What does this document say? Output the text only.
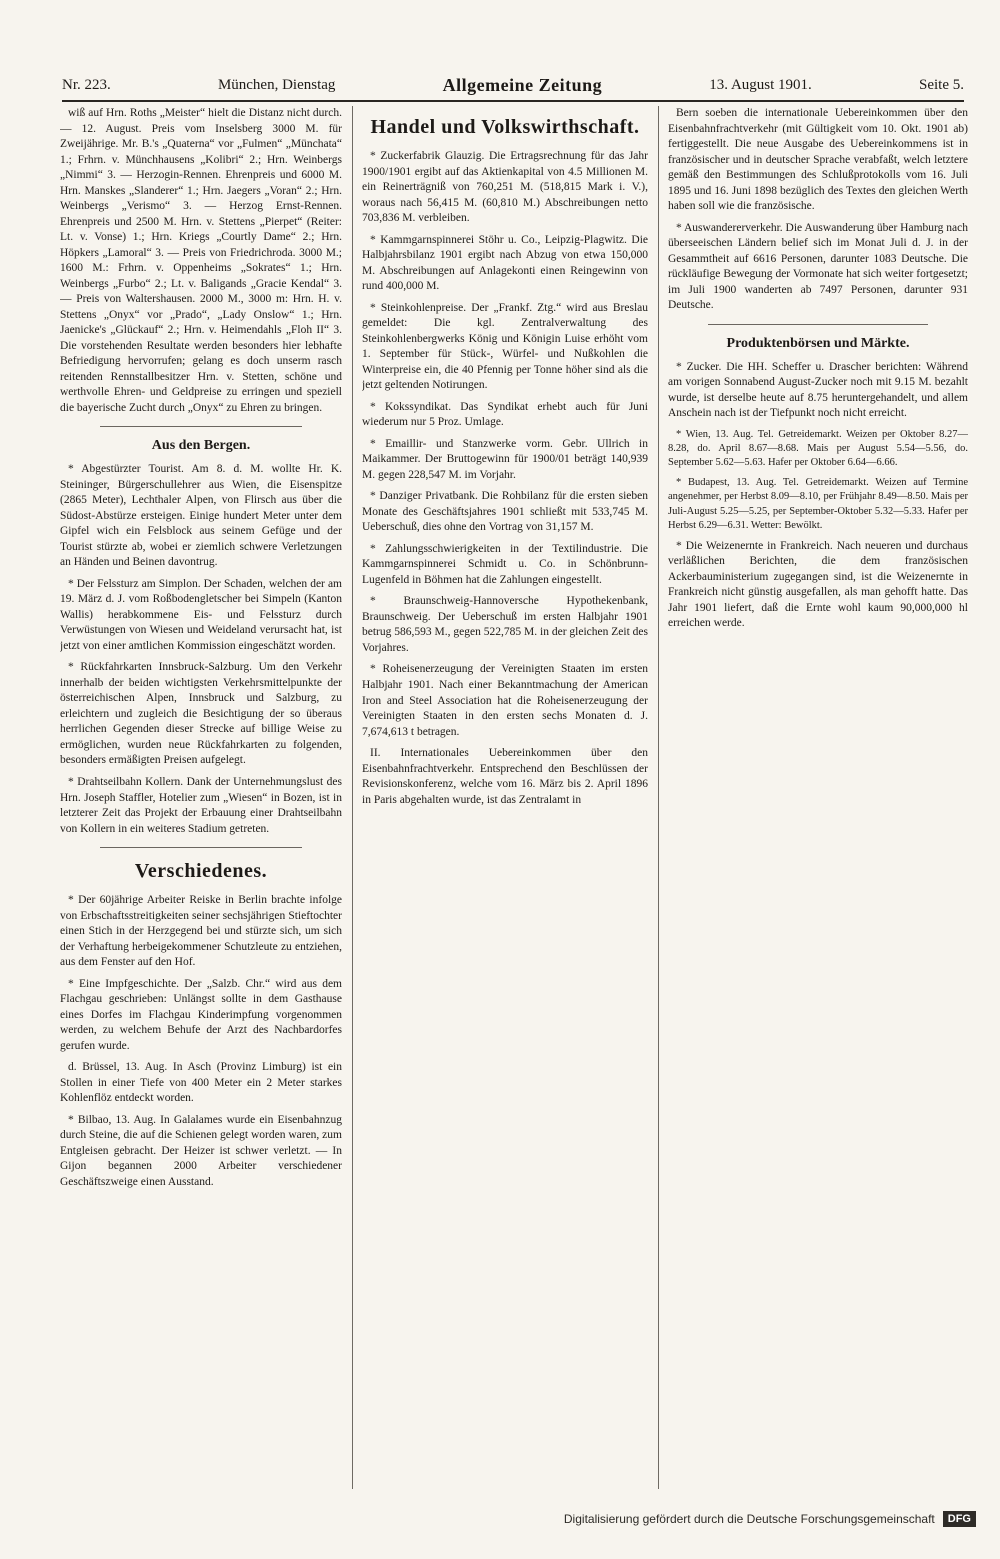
Nr. 223.	München, Dienstag	Allgemeine Zeitung	13. August 1901.	Seite 5.

wiß auf Hrn. Roths „Meister“ hielt die Distanz nicht durch. — 12. August. Preis vom Inselsberg 3000 M. für Zweijährige. Mr. B.'s „Quaterna“ vor „Fulmen“ „Münchata“ 1.; Frhrn. v. Münchhausens „Kolibri“ 2.; Hrn. Weinbergs „Nimmi“ 3. — Herzogin-Rennen. Ehrenpreis und 6000 M. Hrn. Manskes „Slanderer“ 1.; Hrn. Jaegers „Voran“ 2.; Hrn. Weinbergs „Verismo“ 3. — Herzog Ernst-Rennen. Ehrenpreis und 2500 M. Hrn. v. Stettens „Pierpet“ (Reiter: Lt. v. Vonse) 1.; Hrn. Kriegs „Courtly Dame“ 2.; Hrn. Höpkers „Lamoral“ 3. — Preis von Friedrichroda. 3000 M.; 1600 M.: Frhrn. v. Oppenheims „Sokrates“ 1.; Hrn. Weinbergs „Furbo“ 2.; Lt. v. Baligands „Gracie Kendal“ 3. — Preis von Waltershausen. 2000 M., 3000 m: Hrn. H. v. Stettens „Onyx“ vor „Prado“, „Lady Onslow“ 1.; Hrn. Jaenicke's „Glückauf“ 2.; Hrn. v. Heimendahls „Floh II“ 3. Die vorstehenden Resultate werden besonders hier lebhafte Befriedigung hervorrufen; gelang es doch unserm rasch reitenden Rennstallbesitzer Hrn. v. Stetten, schöne und werthvolle Ehren- und Geldpreise zu erringen und speziell die bayerische Zucht durch „Onyx“ zu Ehren zu bringen.

Aus den Bergen.

* Abgestürzter Tourist. Am 8. d. M. wollte Hr. K. Steininger, Bürgerschullehrer aus Wien, die Eisenspitze (2865 Meter), Lechthaler Alpen, von Flirsch aus über die Südost-Abstürze ersteigen. Einige hundert Meter unter dem Gipfel wich ein Felsblock aus seinem Gefüge und der Tourist stürzte ab, wobei er ziemlich schwere Verletzungen an Händen und Beinen davontrug.

* Der Felssturz am Simplon. Der Schaden, welchen der am 19. März d. J. vom Roßbodengletscher bei Simpeln (Kanton Wallis) herabkommene Eis- und Felssturz durch Verwüstungen von Wiesen und Weideland verursacht hat, ist jetzt von einer amtlichen Kommission eingeschätzt worden.

* Rückfahrkarten Innsbruck-Salzburg. Um den Verkehr innerhalb der beiden wichtigsten Verkehrsmittelpunkte der österreichischen Alpen, Innsbruck und Salzburg, zu erleichtern und zugleich die Besichtigung der so überaus herrlichen Gegenden dieser Strecke auf billige Weise zu ermöglichen, wurden neue Rückfahrkarten zu folgenden, besonders ermäßigten Preisen aufgelegt.

* Drahtseilbahn Kollern. Dank der Unternehmungslust des Hrn. Joseph Staffler, Hotelier zum „Wiesen“ in Bozen, ist in letzterer Zeit das Projekt der Erbauung einer Drahtseilbahn von Kollern in ein weiteres Stadium getreten.

Verschiedenes.

* Der 60jährige Arbeiter Reiske in Berlin brachte infolge von Erbschaftsstreitigkeiten seiner sechsjährigen Stieftochter einen Stich in der Herzgegend bei und stürzte sich, um sich der Verhaftung herbeigekommener Schutzleute zu entziehen, aus dem Fenster auf den Hof.

* Eine Impfgeschichte. Der „Salzb. Chr.“ wird aus dem Flachgau geschrieben: Unlängst sollte in dem Gasthause eines Dorfes im Flachgau Kinderimpfung vorgenommen werden, zu welchem Behufe der Arzt des Nachbardorfes gerufen wurde.

d. Brüssel, 13. Aug. In Asch (Provinz Limburg) ist ein Stollen in einer Tiefe von 400 Meter ein 2 Meter starkes Kohlenflöz entdeckt worden.

* Bilbao, 13. Aug. In Galalames wurde ein Eisenbahnzug durch Steine, die auf die Schienen gelegt worden waren, zum Entgleisen gebracht. Der Heizer ist schwer verletzt. — In Gijon begannen 2000 Arbeiter verschiedener Geschäftszweige einen Ausstand.

Handel und Volkswirthschaft.

* Zuckerfabrik Glauzig. Die Ertragsrechnung für das Jahr 1900/1901 ergibt auf das Aktienkapital von 4.5 Millionen M. ein Reinerträgniß von 760,251 M. (518,815 Mark i. V.), woraus nach 56,415 M. (60,810 M.) Abschreibungen netto 703,836 M. verbleiben.

* Kammgarnspinnerei Stöhr u. Co., Leipzig-Plagwitz. Die Halbjahrsbilanz 1901 ergibt nach Abzug von etwa 150,000 M. Abschreibungen auf Anlagekonti einen Reingewinn von rund 400,000 M.

* Steinkohlenpreise. Der „Frankf. Ztg.“ wird aus Breslau gemeldet: Die kgl. Zentralverwaltung des Steinkohlenbergwerks König und Königin Luise erhöht vom 1. September für Stück-, Würfel- und Nußkohlen die Winterpreise ein, die 40 Pfennig per Tonne höher sind als die jetzt geltenden Notirungen.

* Kokssyndikat. Das Syndikat erhebt auch für Juni wiederum nur 5 Proz. Umlage.

* Emaillir- und Stanzwerke vorm. Gebr. Ullrich in Maikammer. Der Bruttogewinn für 1900/01 beträgt 140,939 M. gegen 228,547 M. im Vorjahr.

* Danziger Privatbank. Die Rohbilanz für die ersten sieben Monate des Geschäftsjahres 1901 schließt mit 533,745 M. Ueberschuß, dies ohne den Vortrag von 31,157 M.

* Zahlungsschwierigkeiten in der Textilindustrie. Die Kammgarnspinnerei Schmidt u. Co. in Schönbrunn-Lugenfeld in Böhmen hat die Zahlungen eingestellt.

* Braunschweig-Hannoversche Hypothekenbank, Braunschweig. Der Ueberschuß im ersten Halbjahr 1901 betrug 586,593 M., gegen 522,785 M. in der gleichen Zeit des Vorjahres.

* Roheisenerzeugung der Vereinigten Staaten im ersten Halbjahr 1901. Nach einer Bekanntmachung der American Iron and Steel Association hat die Roheisenerzeugung der Vereinigten Staaten in den ersten sechs Monaten d. J. 7,674,613 t betragen.

II. Internationales Uebereinkommen über den Eisenbahnfrachtverkehr. Entsprechend den Beschlüssen der Revisionskonferenz, welche vom 16. März bis 2. April 1896 in Paris abgehalten wurde, ist das Zentralamt in

Bern soeben die internationale Uebereinkommen über den Eisenbahnfrachtverkehr (mit Gültigkeit vom 10. Okt. 1901 ab) fertiggestellt. Die neue Ausgabe des Uebereinkommens ist in französischer und in deutscher Sprache verabfaßt, welch letztere gemäß den Bestimmungen des Schlußprotokolls vom 16. Juli 1895 und 16. Juni 1898 bezüglich des Textes den gleichen Werth haben soll wie die französische.

* Auswandererverkehr. Die Auswanderung über Hamburg nach überseeischen Ländern belief sich im Monat Juli d. J. in der Gesammtheit auf 6616 Personen, darunter 1083 Deutsche. Die rückläufige Bewegung der Vormonate hat sich weiter fortgesetzt; im Juli 1900 wanderten ab 7497 Personen, darunter 931 Deutsche.

Produktenbörsen und Märkte.

* Zucker. Die HH. Scheffer u. Drascher berichten: Während am vorigen Sonnabend August-Zucker noch mit 9.15 M. bezahlt wurde, ist derselbe heute auf 8.75 heruntergehandelt, und allem Anschein nach ist der Tiefpunkt noch nicht erreicht.

* Wien, 13. Aug. Tel. Getreidemarkt. Weizen per Oktober 8.27—8.28, do. April 8.67—8.68. Mais per August 5.54—5.56, do. September 5.62—5.63. Hafer per Oktober 6.64—6.66.

* Budapest, 13. Aug. Tel. Getreidemarkt. Weizen auf Termine angenehmer, per Herbst 8.09—8.10, per Frühjahr 8.49—8.50. Mais per Juli-August 5.25—5.25, per September-Oktober 5.32—5.33. Hafer per Herbst 6.29—6.31. Wetter: Bewölkt.

* Die Weizenernte in Frankreich. Nach neueren und durchaus verläßlichen Berichten, die dem französischen Ackerbauministerium zugegangen sind, ist die Weizenernte in Frankreich nicht günstig ausgefallen, als man gehofft hatte. Das Jahr 1901 liefert, daß die Ernte wohl kaum 90,000,000 hl erreichen werde.

Digitalisierung gefördert durch die Deutsche Forschungsgemeinschaft	DFG
